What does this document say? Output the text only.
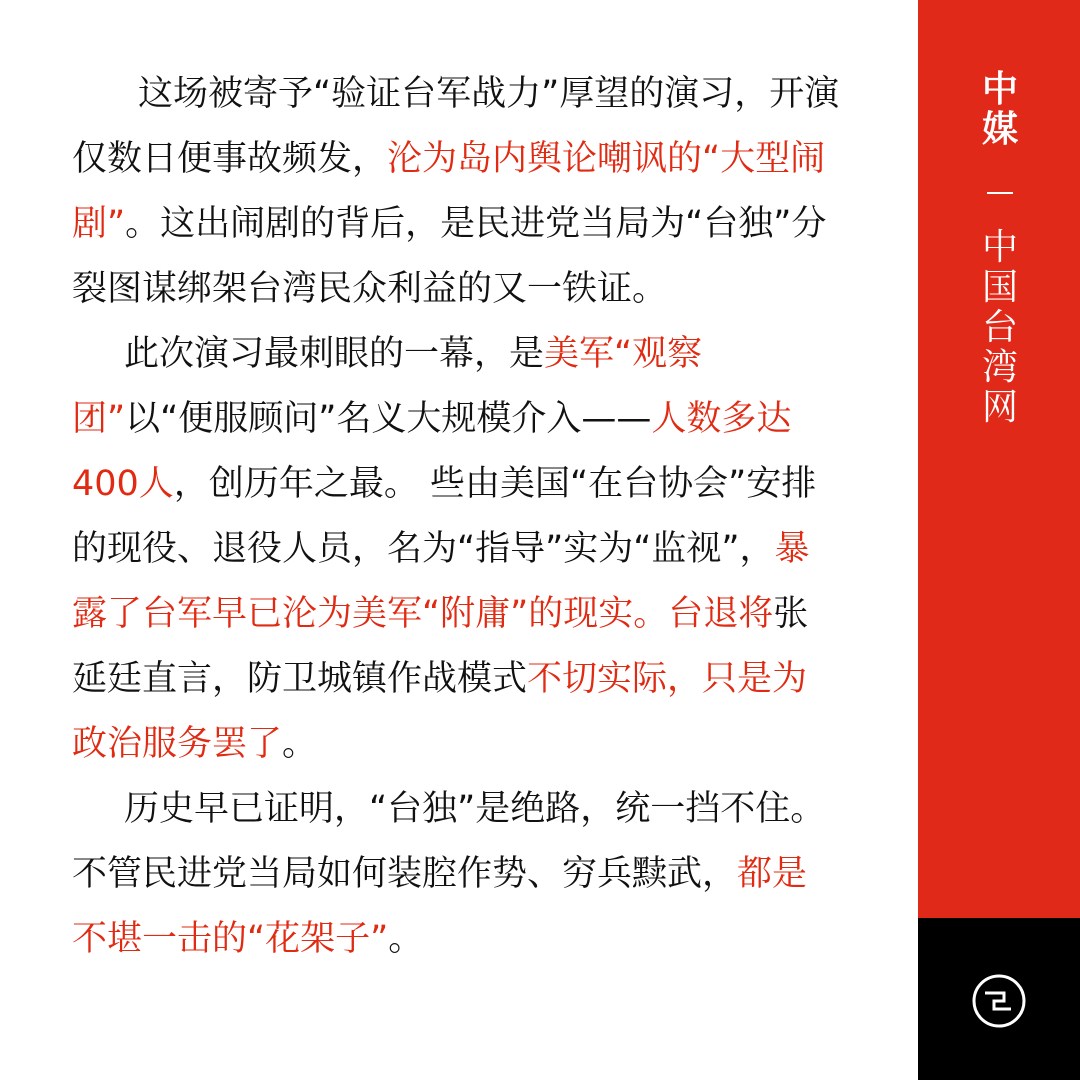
这场被寄予“验证台军战力”厚望的演习，开演仅数日便事故频发，沦为岛内舆论嘲讽的“大型闹剧”。这出闹剧的背后，是民进党当局为“台独”分裂图谋绑架台湾民众利益的又一铁证。

此次演习最刺眼的一幕，是美军“观察团”以“便服顾问”名义大规模介入——人数多达400人，创历年之最。 些由美国“在台协会”安排的现役、退役人员，名为“指导”实为“监视”，暴露了台军早已沦为美军“附庸”的现实。台退将张延廷直言，防卫城镇作战模式不切实际，只是为政治服务罢了。

历史早已证明，“台独”是绝路，统一挡不住。不管民进党当局如何装腔作势、穷兵黩武，都是不堪一击的“花架子”。

中媒
中国台湾网
